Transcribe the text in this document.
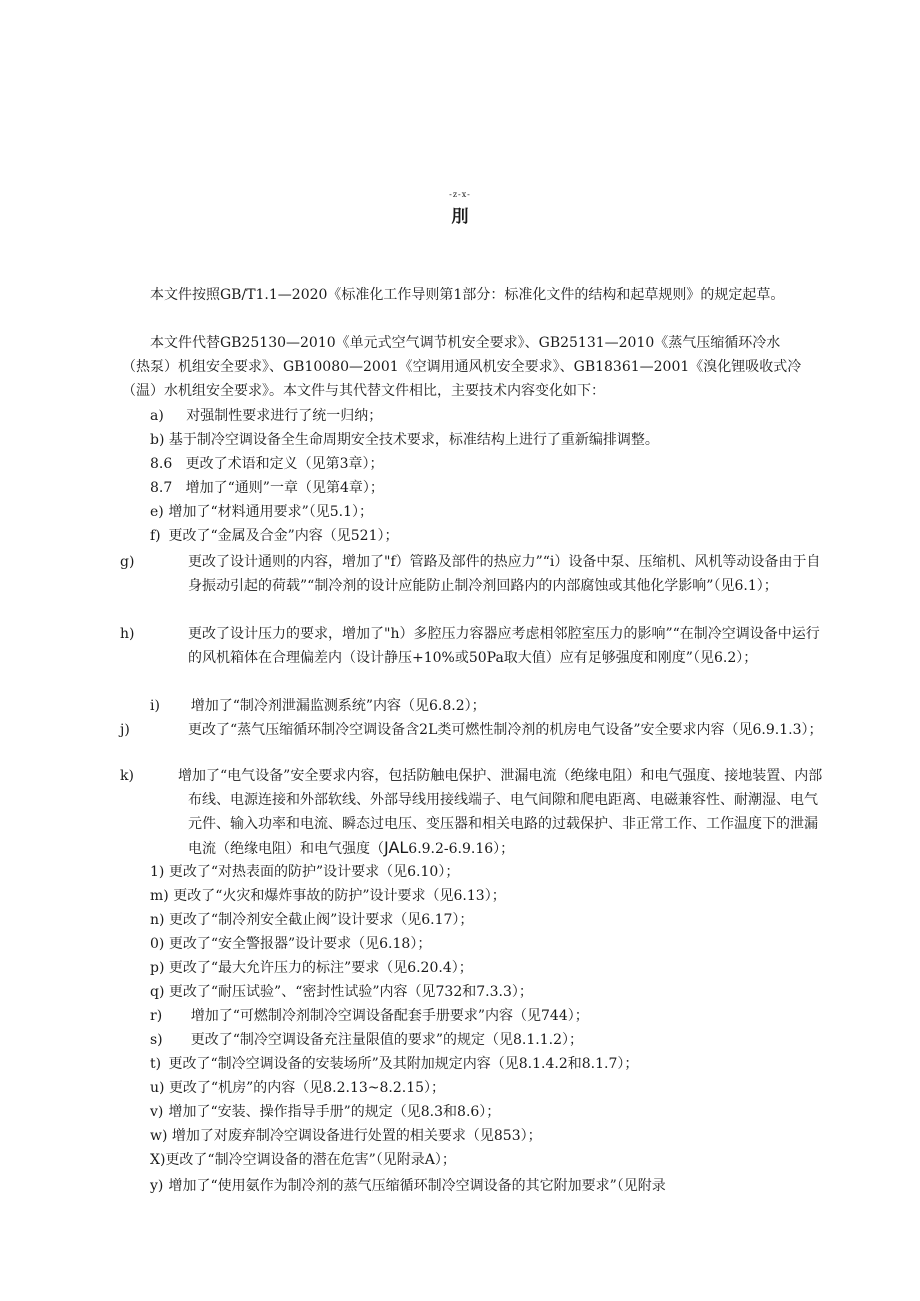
-z-x-
刖
本文件按照GB/T1.1—2020《标准化工作导则第1部分：标准化文件的结构和起草规则》的规定起草。
本文件代替GB25130—2010《单元式空气调节机安全要求》、GB25131—2010《蒸气压缩循环冷水（热泵）机组安全要求》、GB10080—2001《空调用通风机安全要求》、GB18361—2001《溴化锂吸收式冷（温）水机组安全要求》。本文件与其代替文件相比，主要技术内容变化如下：
a) 对强制性要求进行了统一归纳；
b) 基于制冷空调设备全生命周期安全技术要求，标准结构上进行了重新编排调整。
8.6 更改了术语和定义（见第3章）；
8.7 增加了“通则”一章（见第4章）；
e) 增加了“材料通用要求”（见5.1）；
f) 更改了“金属及合金”内容（见521）；
g)	更改了设计通则的内容，增加了"f）管路及部件的热应力”“i）设备中泵、压缩机、风机等动设备由于自身振动引起的荷载”“制冷剂的设计应能防止制冷剂回路内的内部腐蚀或其他化学影响”（见6.1）；
h)	更改了设计压力的要求，增加了"h）多腔压力容器应考虑相邻腔室压力的影响”“在制冷空调设备中运行的风机箱体在合理偏差内（设计静压+10%或50Pa取大值）应有足够强度和刚度”（见6.2）；
i) 增加了“制冷剂泄漏监测系统”内容（见6.8.2）；
j)	更改了“蒸气压缩循环制冷空调设备含2L类可燃性制冷剂的机房电气设备”安全要求内容（见6.9.1.3）；
k)	增加了“电气设备”安全要求内容，包括防触电保护、泄漏电流（绝缘电阻）和电气强度、接地装置、内部布线、电源连接和外部软线、外部导线用接线端子、电气间隙和爬电距离、电磁兼容性、耐潮湿、电气元件、输入功率和电流、瞬态过电压、变压器和相关电路的过载保护、非正常工作、工作温度下的泄漏电流（绝缘电阻）和电气强度（JAL6.9.2-6.9.16）；
1) 更改了“对热表面的防护”设计要求（见6.10）；
m) 更改了“火灾和爆炸事故的防护”设计要求（见6.13）；
n) 更改了“制冷剂安全截止阀”设计要求（见6.17）；
0) 更改了“安全警报器”设计要求（见6.18）；
p) 更改了“最大允许压力的标注”要求（见6.20.4）；
q) 更改了“耐压试验”、“密封性试验”内容（见732和7.3.3）；
r) 增加了“可燃制冷剂制冷空调设备配套手册要求”内容（见744）；
s) 更改了“制冷空调设备充注量限值的要求”的规定（见8.1.1.2）；
t) 更改了“制冷空调设备的安装场所”及其附加规定内容（见8.1.4.2和8.1.7）；
u) 更改了“机房”的内容（见8.2.13~8.2.15）；
v) 增加了“安装、操作指导手册”的规定（见8.3和8.6）；
w) 增加了对废弃制冷空调设备进行处置的相关要求（见853）；
X)更改了“制冷空调设备的潜在危害”（见附录A）；
y) 增加了“使用氨作为制冷剂的蒸气压缩循环制冷空调设备的其它附加要求”（见附录
